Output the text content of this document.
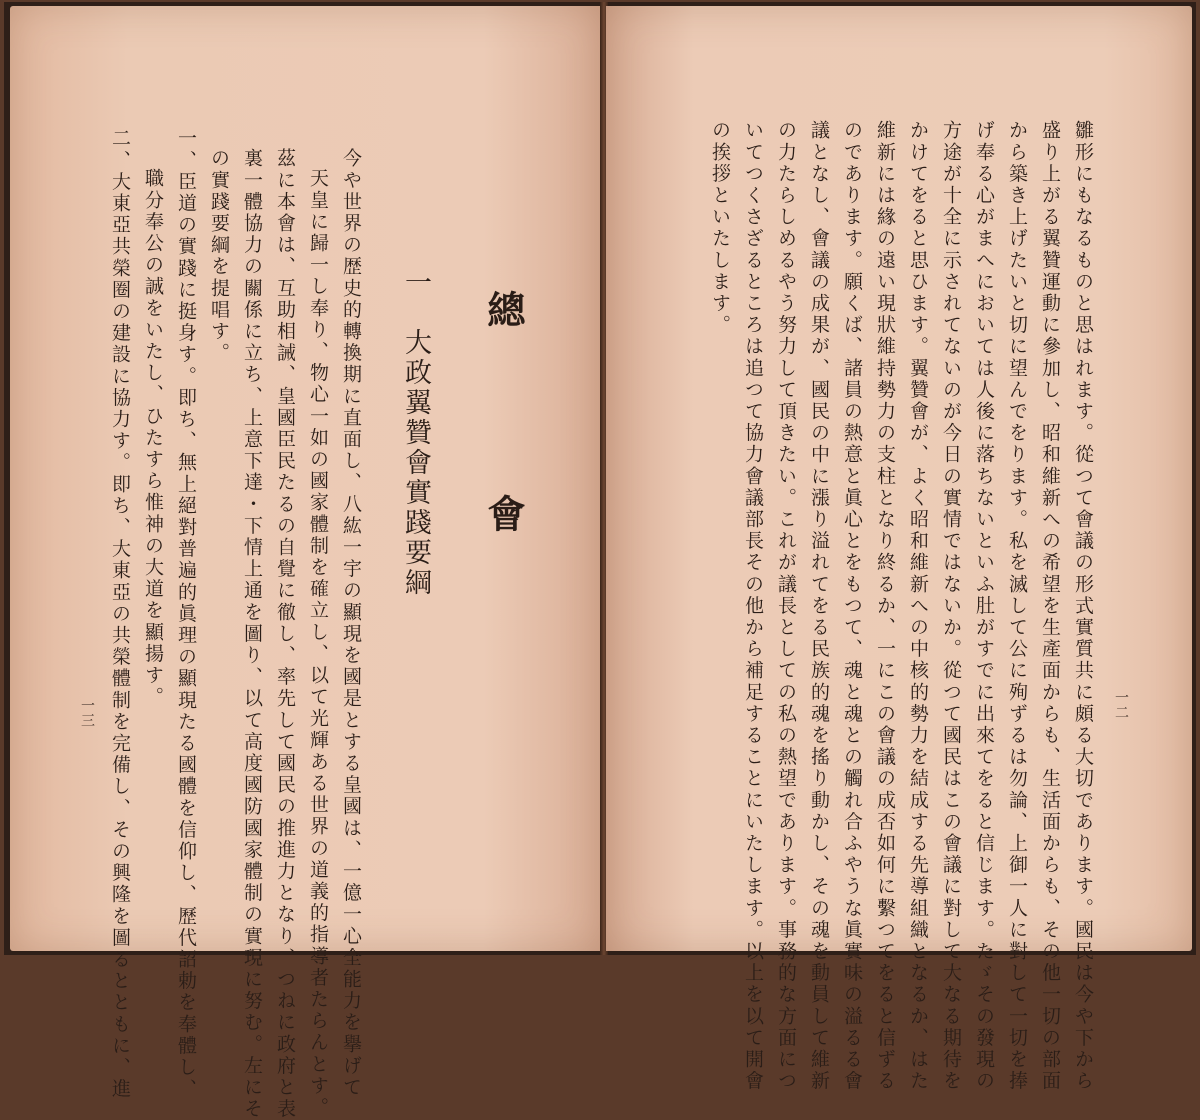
一二
雛形にもなるものと思はれます。從つて會議の形式實質共に頗る大切であります。國民は今や下から
盛り上がる翼贊運動に參加し、昭和維新への希望を生產面からも、生活面からも、その他一切の部面
から築き上げたいと切に望んでをります。私を滅して公に殉ずるは勿論、上御一人に對して一切を捧
げ奉る心がまへにおいては人後に落ちないといふ肚がすでに出來てをると信じます。たゞその發現の
方途が十全に示されてないのが今日の實情ではないか。從つて國民はこの會議に對して大なる期待を
かけてをると思ひます。翼贊會が、よく昭和維新への中核的勢力を結成する先導組織となるか、はた
維新には緣の遠い現狀維持勢力の支柱となり終るか、一にこの會議の成否如何に繫つてをると信ずる
のであります。願くば、諸員の熱意と眞心とをもつて、魂と魂との觸れ合ふやうな眞實味の溢るる會
議となし、會議の成果が、國民の中に漲り溢れてをる民族的魂を搖り動かし、その魂を動員して維新
の力たらしめるやう努力して頂きたい。これが議長としての私の熱望であります。事務的な方面につ
いてつくさざるところは追つて協力會議部長その他から補足することにいたします。以上を以て開會
の挨拶といたします。
總　　會
一　大政翼贊會實踐要綱
今や世界の歴史的轉換期に直面し、八紘一宇の顯現を國是とする皇國は、一億一心全能力を擧げて
天皇に歸一し奉り、物心一如の國家體制を確立し、以て光輝ある世界の道義的指導者たらんとす。
茲に本會は、互助相誡、皇國臣民たるの自覺に徹し、率先して國民の推進力となり、つねに政府と表
裏一體協力の關係に立ち、上意下達・下情上通を圖り、以て高度國防國家體制の實現に努む。左にそ
の實踐要綱を提唱す。
一、臣道の實踐に挺身す。即ち、無上絕對普遍的眞理の顯現たる國體を信仰し、歷代詔勅を奉體し、
職分奉公の誠をいたし、ひたすら惟神の大道を顯揚す。
二、大東亞共榮圈の建設に協力す。即ち、大東亞の共榮體制を完備し、その興隆を圖るとともに、進
一三
